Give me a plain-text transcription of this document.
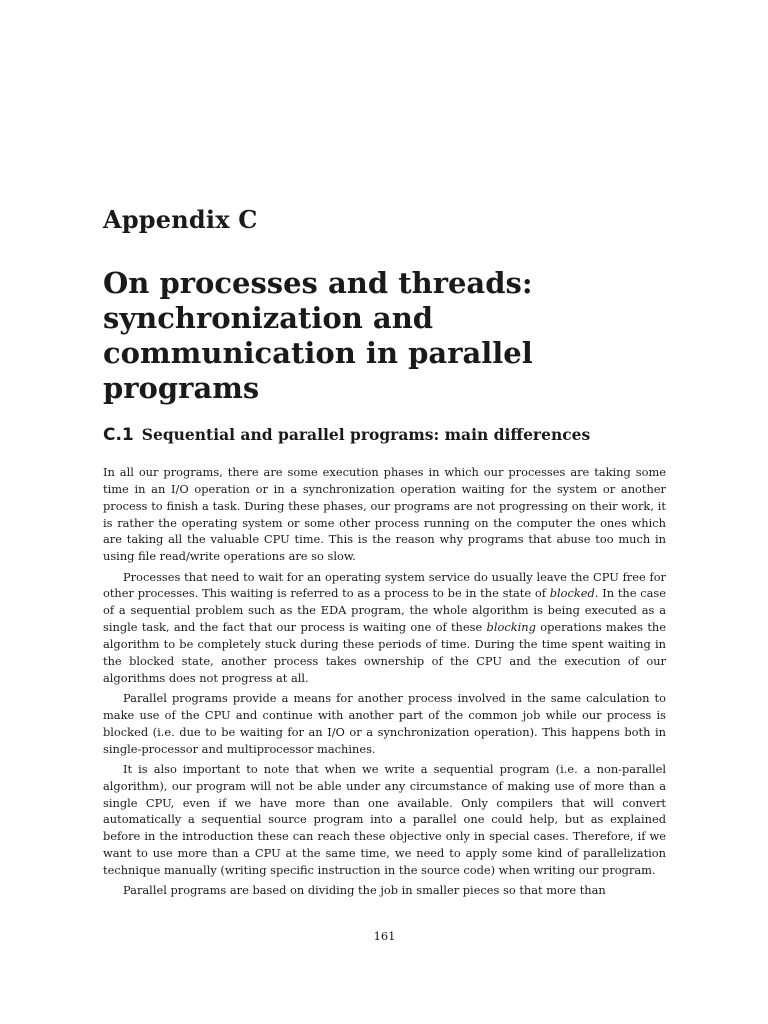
Appendix C
On processes and threads: synchronization and communication in parallel programs
C.1 Sequential and parallel programs: main differences

In all our programs, there are some execution phases in which our processes are taking some time in an I/O operation or in a synchronization operation waiting for the system or another process to finish a task. During these phases, our programs are not progressing on their work, it is rather the operating system or some other process running on the computer the ones which are taking all the valuable CPU time. This is the reason why programs that abuse too much in using file read/write operations are so slow.

Processes that need to wait for an operating system service do usually leave the CPU free for other processes. This waiting is referred to as a process to be in the state of blocked. In the case of a sequential problem such as the EDA program, the whole algorithm is being executed as a single task, and the fact that our process is waiting one of these blocking operations makes the algorithm to be completely stuck during these periods of time. During the time spent waiting in the blocked state, another process takes ownership of the CPU and the execution of our algorithms does not progress at all.

Parallel programs provide a means for another process involved in the same calculation to make use of the CPU and continue with another part of the common job while our process is blocked (i.e. due to be waiting for an I/O or a synchronization operation). This happens both in single-processor and multiprocessor machines.

It is also important to note that when we write a sequential program (i.e. a non-parallel algorithm), our program will not be able under any circumstance of making use of more than a single CPU, even if we have more than one available. Only compilers that will convert automatically a sequential source program into a parallel one could help, but as explained before in the introduction these can reach these objective only in special cases. Therefore, if we want to use more than a CPU at the same time, we need to apply some kind of parallelization technique manually (writing specific instruction in the source code) when writing our program.

Parallel programs are based on dividing the job in smaller pieces so that more than

161
